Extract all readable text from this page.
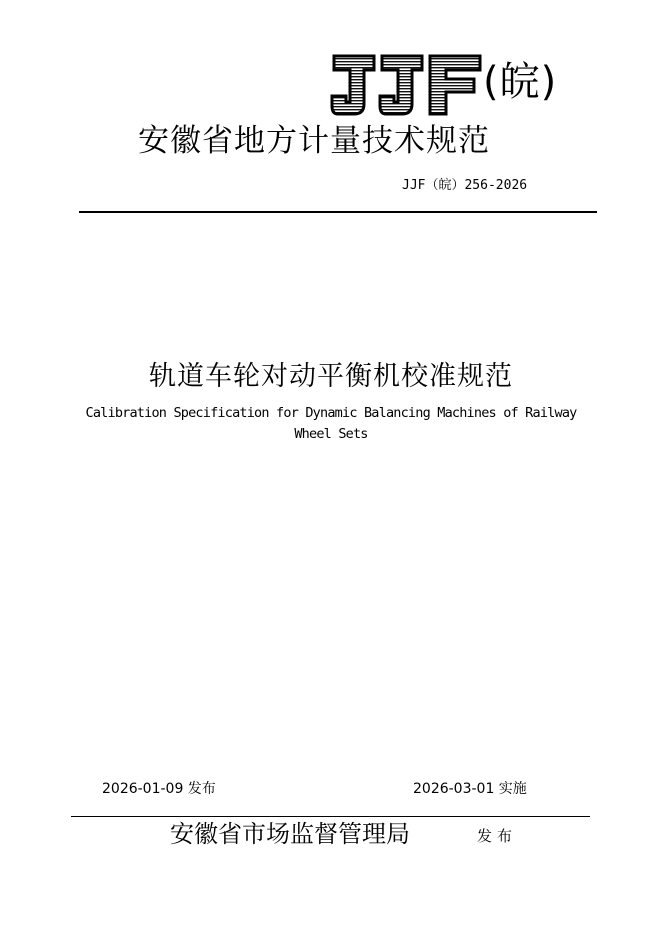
(皖)
安徽省地方计量技术规范
JJF（皖）256-2026
轨道车轮对动平衡机校准规范
Calibration Specification for Dynamic Balancing Machines of Railway Wheel Sets
2026-01-09 发布	2026-03-01 实施
安徽省市场监督管理局	发布
